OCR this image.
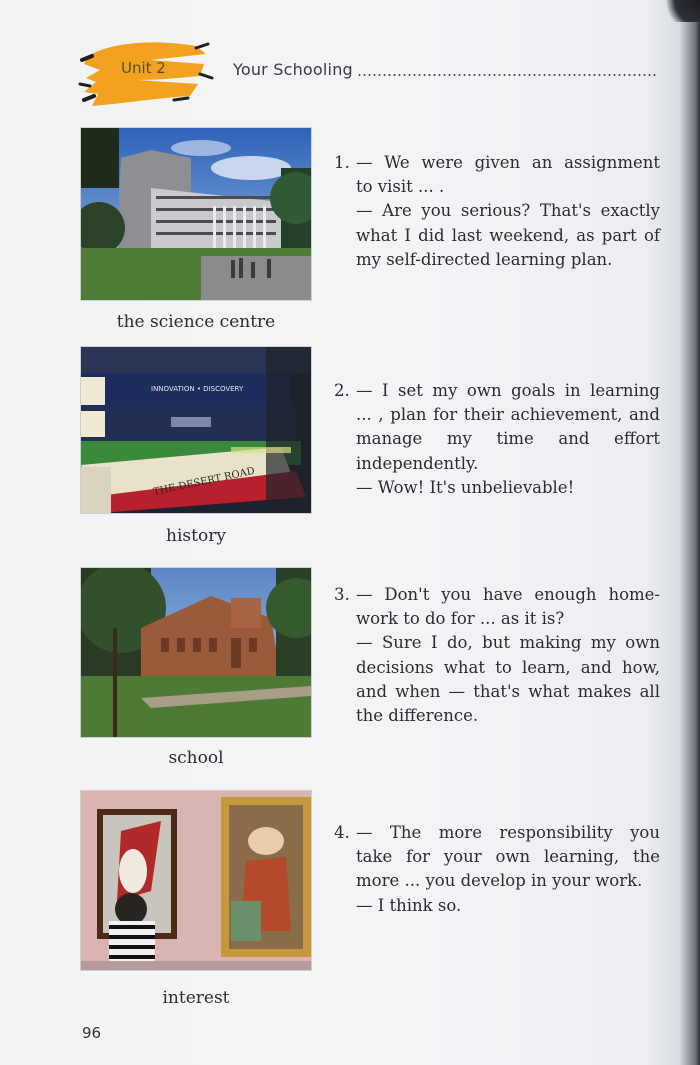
Unit 2	Your Schooling
the science centre
INNOVATION • DISCOVERY
THE DESERT ROAD
history
school
interest
1. — We were given an assignment
to visit ... .
— Are you serious? That's exactly what I did last weekend, as part of my self-directed learning plan.
2. — I set my own goals in learning
... , plan for their achievement, and manage my time and effort independently.
— Wow! It's unbelievable!
3. — Don't you have enough home-
work to do for ... as it is?
— Sure I do, but making my own decisions what to learn, and how, and when — that's what makes all the difference.
4. — The more responsibility you
take for your own learning, the more ... you develop in your work.
— I think so.
96
